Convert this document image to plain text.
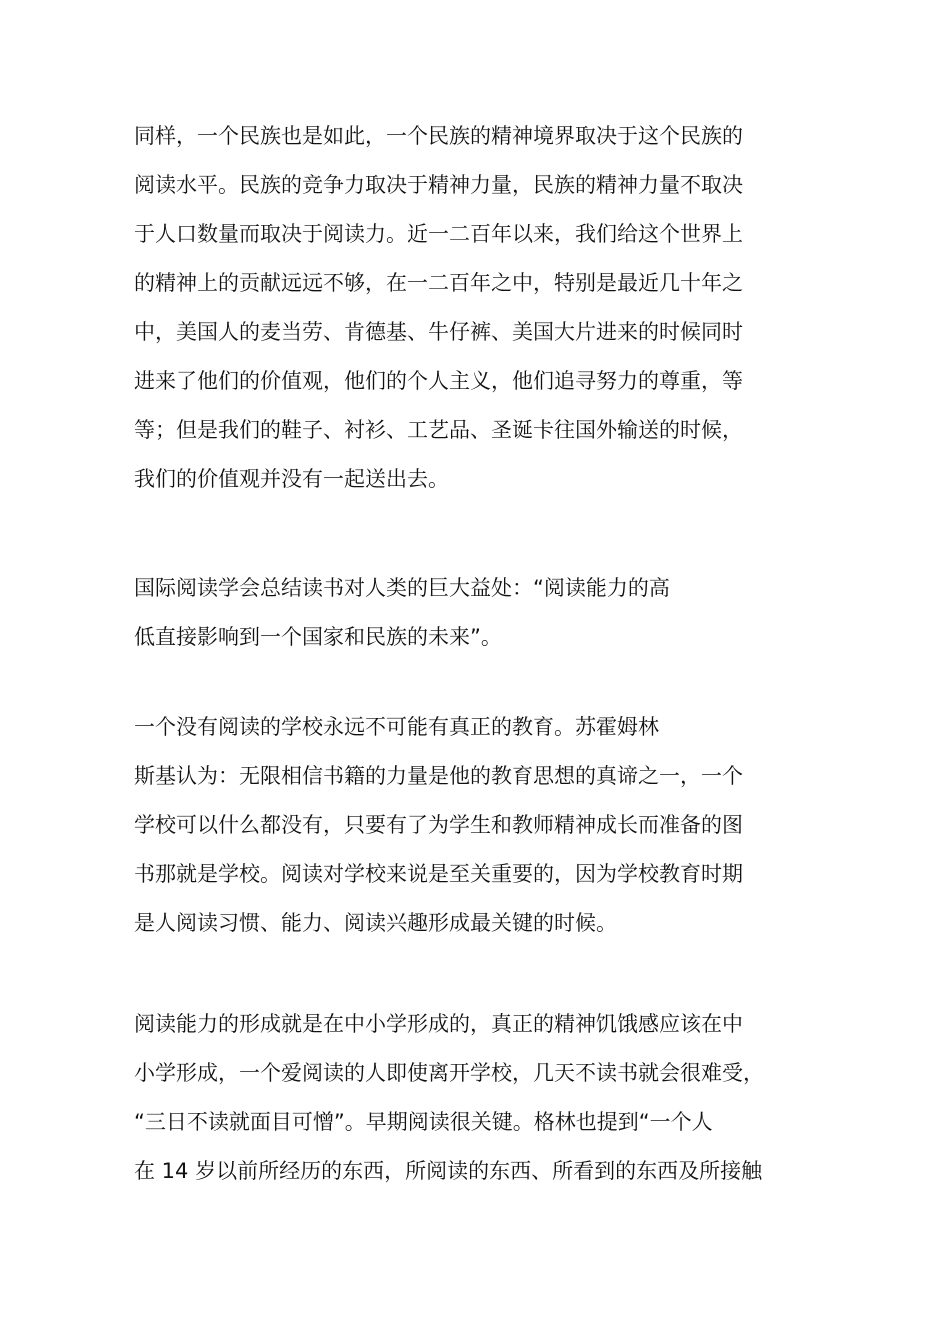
同样，一个民族也是如此，一个民族的精神境界取决于这个民族的
阅读水平。民族的竞争力取决于精神力量，民族的精神力量不取决
于人口数量而取决于阅读力。近一二百年以来，我们给这个世界上
的精神上的贡献远远不够，在一二百年之中，特别是最近几十年之
中，美国人的麦当劳、肯德基、牛仔裤、美国大片进来的时候同时
进来了他们的价值观，他们的个人主义，他们追寻努力的尊重，等
等；但是我们的鞋子、衬衫、工艺品、圣诞卡往国外输送的时候，
我们的价值观并没有一起送出去。
国际阅读学会总结读书对人类的巨大益处：“阅读能力的高
低直接影响到一个国家和民族的未来”。
一个没有阅读的学校永远不可能有真正的教育。苏霍姆林
斯基认为：无限相信书籍的力量是他的教育思想的真谛之一，一个
学校可以什么都没有，只要有了为学生和教师精神成长而准备的图
书那就是学校。阅读对学校来说是至关重要的，因为学校教育时期
是人阅读习惯、能力、阅读兴趣形成最关键的时候。
阅读能力的形成就是在中小学形成的，真正的精神饥饿感应该在中
小学形成，一个爱阅读的人即使离开学校，几天不读书就会很难受，
“三日不读就面目可憎”。早期阅读很关键。格林也提到“一个人
在 14 岁以前所经历的东西，所阅读的东西、所看到的东西及所接触
